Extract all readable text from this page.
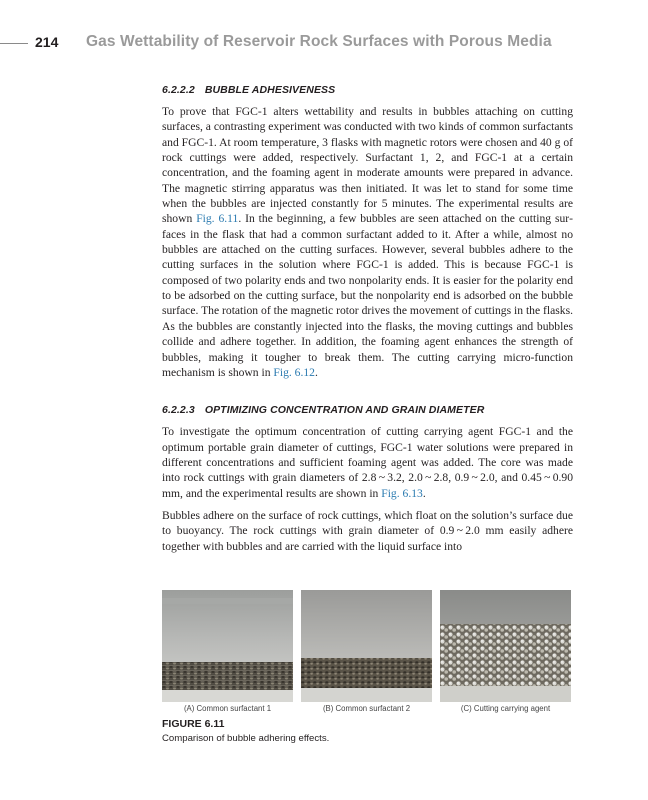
214 Gas Wettability of Reservoir Rock Surfaces with Porous Media
6.2.2.2 BUBBLE ADHESIVENESS

To prove that FGC-1 alters wettability and results in bubbles attaching on cutting surfaces, a contrasting experiment was conducted with two kinds of common surfactants and FGC-1. At room temperature, 3 flasks with magnetic rotors were chosen and 40 g of rock cuttings were added, respectively. Surfactant 1, 2, and FGC-1 at a certain concentration, and the foaming agent in moderate amounts were prepared in advance. The magnetic stirring apparatus was then initiated. It was let to stand for some time when the bubbles are injected constantly for 5 minutes. The experimental results are shown Fig. 6.11. In the beginning, a few bubbles are seen attached on the cutting surfaces in the flask that had a common surfactant added to it. After a while, almost no bubbles are attached on the cutting surfaces. However, several bubbles adhere to the cutting surfaces in the solution where FGC-1 is added. This is because FGC-1 is composed of two polarity ends and two nonpolarity ends. It is easier for the polarity end to be adsorbed on the cutting surface, but the nonpolarity end is adsorbed on the bubble surface. The rotation of the magnetic rotor drives the movement of cuttings in the flasks. As the bubbles are constantly injected into the flasks, the moving cuttings and bubbles collide and adhere together. In addition, the foaming agent enhances the strength of bubbles, making it tougher to break them. The cutting carrying micro-function mechanism is shown in Fig. 6.12.

6.2.2.3 OPTIMIZING CONCENTRATION AND GRAIN DIAMETER

To investigate the optimum concentration of cutting carrying agent FGC-1 and the optimum portable grain diameter of cuttings, FGC-1 water solutions were prepared in different concentrations and sufficient foaming agent was added. The core was made into rock cuttings with grain diameters of 2.8 ~ 3.2, 2.0 ~ 2.8, 0.9 ~ 2.0, and 0.45 ~ 0.90 mm, and the experimental results are shown in Fig. 6.13.

Bubbles adhere on the surface of rock cuttings, which float on the solution’s surface due to buoyancy. The rock cuttings with grain diameter of 0.9 ~ 2.0 mm easily adhere together with bubbles and are carried with the liquid surface into

(A) Common surfactant 1	(B) Common surfactant 2	(C) Cutting carrying agent
FIGURE 6.11
Comparison of bubble adhering effects.
